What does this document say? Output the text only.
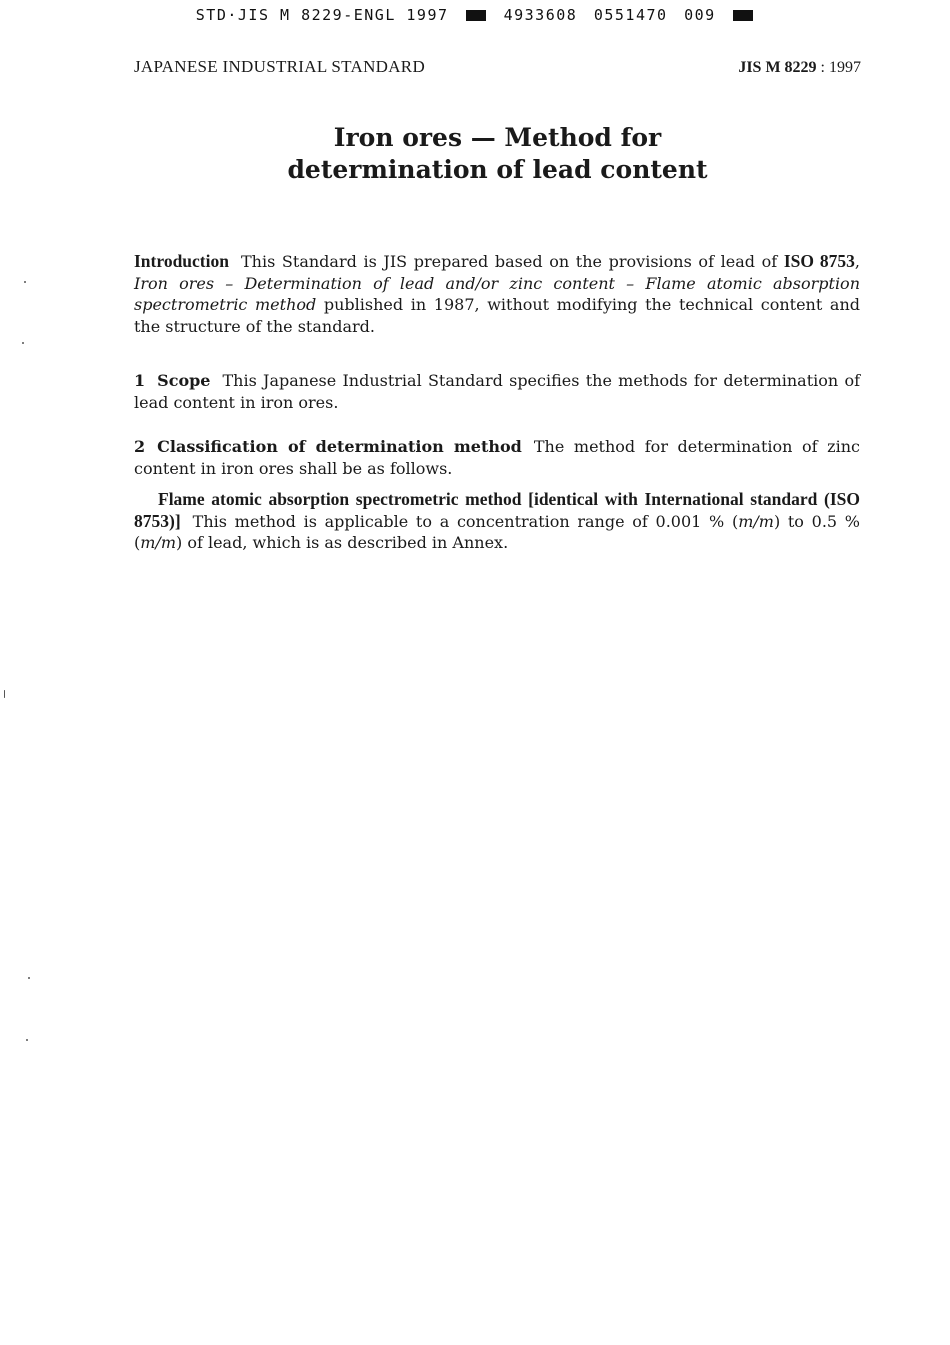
STD·JIS M 8229-ENGL 1997	4933608 0551470 009
JAPANESE INDUSTRIAL STANDARD	JIS M 8229 : 1997
Iron ores — Method for
determination of lead content
Introduction This Standard is JIS prepared based on the provisions of lead of ISO 8753, Iron ores – Determination of lead and/or zinc content – Flame atomic absorption spectrometric method published in 1987, without modifying the technical content and the structure of the standard.
1 Scope This Japanese Industrial Standard specifies the methods for determination of lead content in iron ores.
2 Classification of determination method The method for determination of zinc content in iron ores shall be as follows.
Flame atomic absorption spectrometric method [identical with International standard (ISO 8753)] This method is applicable to a concentration range of 0.001 % (m/m) to 0.5 % (m/m) of lead, which is as described in Annex.
